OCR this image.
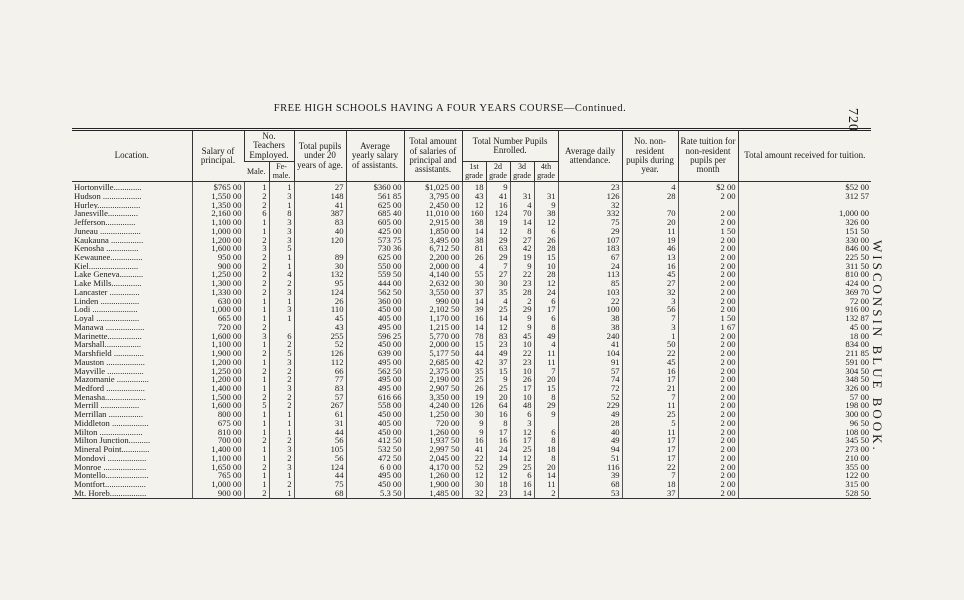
FREE HIGH SCHOOLS HAVING A FOUR YEARS COURSE—Continued.	720
WISCONSIN BLUE BOOK.
Location.	Salary of principal.	No. Teachers Employed.		Total pupils under 20 years of age.	Average yearly salary of assistants.	Total amount of salaries of principal and assistants.	Total Number Pupils Enrolled.				Average daily attendance.	No. non-resident pupils during year.	Rate tuition for non-resident pupils per month	Total amount received for tuition.
		Male.	Fe-male.				1st grade	2d grade	3d grade	4th grade				
Hortonville.............	$765 00	1	1	27	$360 00	$1,025 00	18	9			23	4	$2 00	$52 00
Hudson ..................	1,550 00	2	3	148	561 85	3,795 00	43	41	31	31	126	28	2 00	312 57
Hurley....................	1,350 00	2	1	41	625 00	2,450 00	12	16	4	9	32			
Janesville..............	2,160 00	6	8	387	685 40	11,010 00	160	124	70	38	332	70	2 00	1,000 00
Jefferson..............	1,100 00	1	3	83	605 00	2,915 00	38	19	14	12	75	20	2 00	326 00
Juneau ...................	1,000 00	1	3	40	425 00	1,850 00	14	12	8	6	29	11	1 50	151 50
Kaukauna ...............	1,200 00	2	3	120	573 75	3,495 00	38	29	27	26	107	19	2 00	330 00
Kenosha ...............	1,600 00	3	5		730 36	6,712 50	81	63	42	28	183	46	2 00	846 00
Kewaunee...............	950 00	2	1	89	625 00	2,200 00	26	29	19	15	67	13	2 00	225 50
Kiel.......................	900 00	2	1	30	550 00	2,000 00	4	7	9	10	24	16	2 00	311 50
Lake Geneva...........	1,250 00	2	4	132	559 50	4,140 00	55	27	22	28	113	45	2 00	810 00
Lake Mills..............	1,300 00	2	2	95	444 00	2,632 00	30	30	23	12	85	27	2 00	424 00
Lancaster ..............	1,330 00	2	3	124	562 50	3,550 00	37	35	28	24	103	32	2 00	369 70
Linden ..................	630 00	1	1	26	360 00	990 00	14	4	2	6	22	3	2 00	72 00
Lodi .....................	1,000 00	1	3	110	450 00	2,102 50	39	25	29	17	100	56	2 00	916 00
Loyal ....................	665 00	1	1	45	405 00	1,170 00	16	14	9	6	38	7	1 50	132 87
Manawa ..................	720 00	2		43	495 00	1,215 00	14	12	9	8	38	3	1 67	45 00
Marinette................	1,600 00	3	6	255	596 25	5,770 00	78	83	45	49	240	1	2 00	18 00
Marshall.................	1,100 00	1	2	52	450 00	2,000 00	15	23	10	4	41	50	2 00	834 00
Marshfield ..............	1,900 00	2	5	126	639 00	5,177 50	44	49	22	11	104	22	2 00	211 85
Mauston ..................	1,200 00	1	3	112	495 00	2,685 00	42	37	23	11	91	45	2 00	591 00
Mayville .................	1,250 00	2	2	66	562 50	2,375 00	35	15	10	7	57	16	2 00	304 50
Mazomanie ...............	1,200 00	1	2	77	495 00	2,190 00	25	9	26	20	74	17	2 00	348 50
Medford ..................	1,400 00	1	3	83	495 00	2,907 50	26	25	17	15	72	21	2 00	326 00
Menasha...................	1,500 00	2	2	57	616 66	3,350 00	19	20	10	8	52	7	2 00	57 00
Merrill ..................	1,600 00	5	2	267	558 00	4,240 00	126	64	48	29	229	11	2 00	198 00
Merrillan ................	800 00	1	1	61	450 00	1,250 00	30	16	6	9	49	25	2 00	300 00
Middleton .................	675 00	1	1	31	405 00	720 00	9	8	3		28	5	2 00	96 50
Milton ....................	810 00	1	1	44	450 00	1,260 00	9	17	12	6	40	11	2 00	108 00
Milton Junction..........	700 00	2	2	56	412 50	1,937 50	16	16	17	8	49	17	2 00	345 50
Mineral Point.............	1,400 00	1	3	105	532 50	2,997 50	41	24	25	18	94	17	2 00	273 00
Mondovi ..................	1,100 00	1	2	56	472 50	2,045 00	22	14	12	8	51	17	2 00	210 00
Monroe ....................	1,650 00	2	3	124	6 0 00	4,170 00	52	29	25	20	116	22	2 00	355 00
Montello....................	765 00	1	1	44	495 00	1,260 00	12	12	6	14	39	7	2 00	122 00
Montfort...................	1,000 00	1	2	75	450 00	1,900 00	30	18	16	11	68	18	2 00	315 00
Mt. Horeb.................	900 00	2	1	68	5.3 50	1,485 00	32	23	14	2	53	37	2 00	528 50
